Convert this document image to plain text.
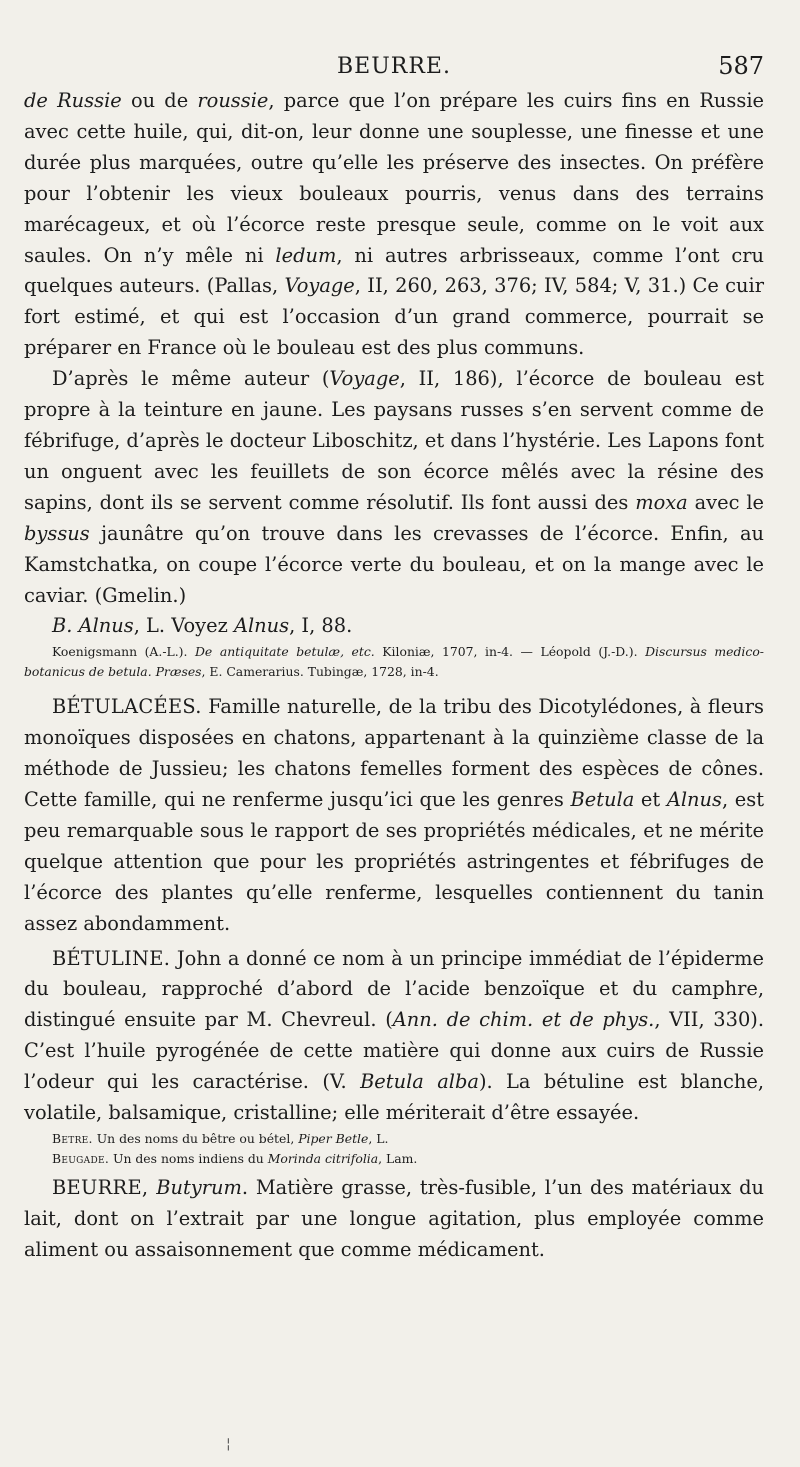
BEURRE.	587

de Russie ou de roussie, parce que l’on prépare les cuirs fins en Russie avec cette huile, qui, dit-on, leur donne une souplesse, une finesse et une durée plus marquées, outre qu’elle les préserve des insectes. On préfère pour l’obtenir les vieux bouleaux pourris, venus dans des terrains marécageux, et où l’écorce reste presque seule, comme on le voit aux saules. On n’y mêle ni ledum, ni autres arbrisseaux, comme l’ont cru quelques auteurs. (Pallas, Voyage, II, 260, 263, 376; IV, 584; V, 31.) Ce cuir fort estimé, et qui est l’occasion d’un grand commerce, pourrait se préparer en France où le bouleau est des plus communs.

D’après le même auteur (Voyage, II, 186), l’écorce de bouleau est propre à la teinture en jaune. Les paysans russes s’en servent comme de fébrifuge, d’après le docteur Liboschitz, et dans l’hystérie. Les Lapons font un onguent avec les feuillets de son écorce mêlés avec la résine des sapins, dont ils se servent comme résolutif. Ils font aussi des moxa avec le byssus jaunâtre qu’on trouve dans les crevasses de l’écorce. Enfin, au Kamstchatka, on coupe l’écorce verte du bouleau, et on la mange avec le caviar. (Gmelin.)

B. Alnus, L. Voyez Alnus, I, 88.

Koenigsmann (A.-L.). De antiquitate betulæ, etc. Kiloniæ, 1707, in-4. — Léopold (J.-D.). Discursus medico-botanicus de betula. Præses, E. Camerarius. Tubingæ, 1728, in-4.

BÉTULACÉES. Famille naturelle, de la tribu des Dicotylédones, à fleurs monoïques disposées en chatons, appartenant à la quinzième classe de la méthode de Jussieu; les chatons femelles forment des espèces de cônes. Cette famille, qui ne renferme jusqu’ici que les genres Betula et Alnus, est peu remarquable sous le rapport de ses propriétés médicales, et ne mérite quelque attention que pour les propriétés astringentes et fébrifuges de l’écorce des plantes qu’elle renferme, lesquelles contiennent du tanin assez abondamment.

BÉTULINE. John a donné ce nom à un principe immédiat de l’épiderme du bouleau, rapproché d’abord de l’acide benzoïque et du camphre, distingué ensuite par M. Chevreul. (Ann. de chim. et de phys., VII, 330). C’est l’huile pyrogénée de cette matière qui donne aux cuirs de Russie l’odeur qui les caractérise. (V. Betula alba). La bétuline est blanche, volatile, balsamique, cristalline; elle mériterait d’être essayée.

Betre. Un des noms du bêtre ou bétel, Piper Betle, L.

Beugade. Un des noms indiens du Morinda citrifolia, Lam.

BEURRE, Butyrum. Matière grasse, très-fusible, l’un des matériaux du lait, dont on l’extrait par une longue agitation, plus employée comme aliment ou assaisonnement que comme médicament.

¦
